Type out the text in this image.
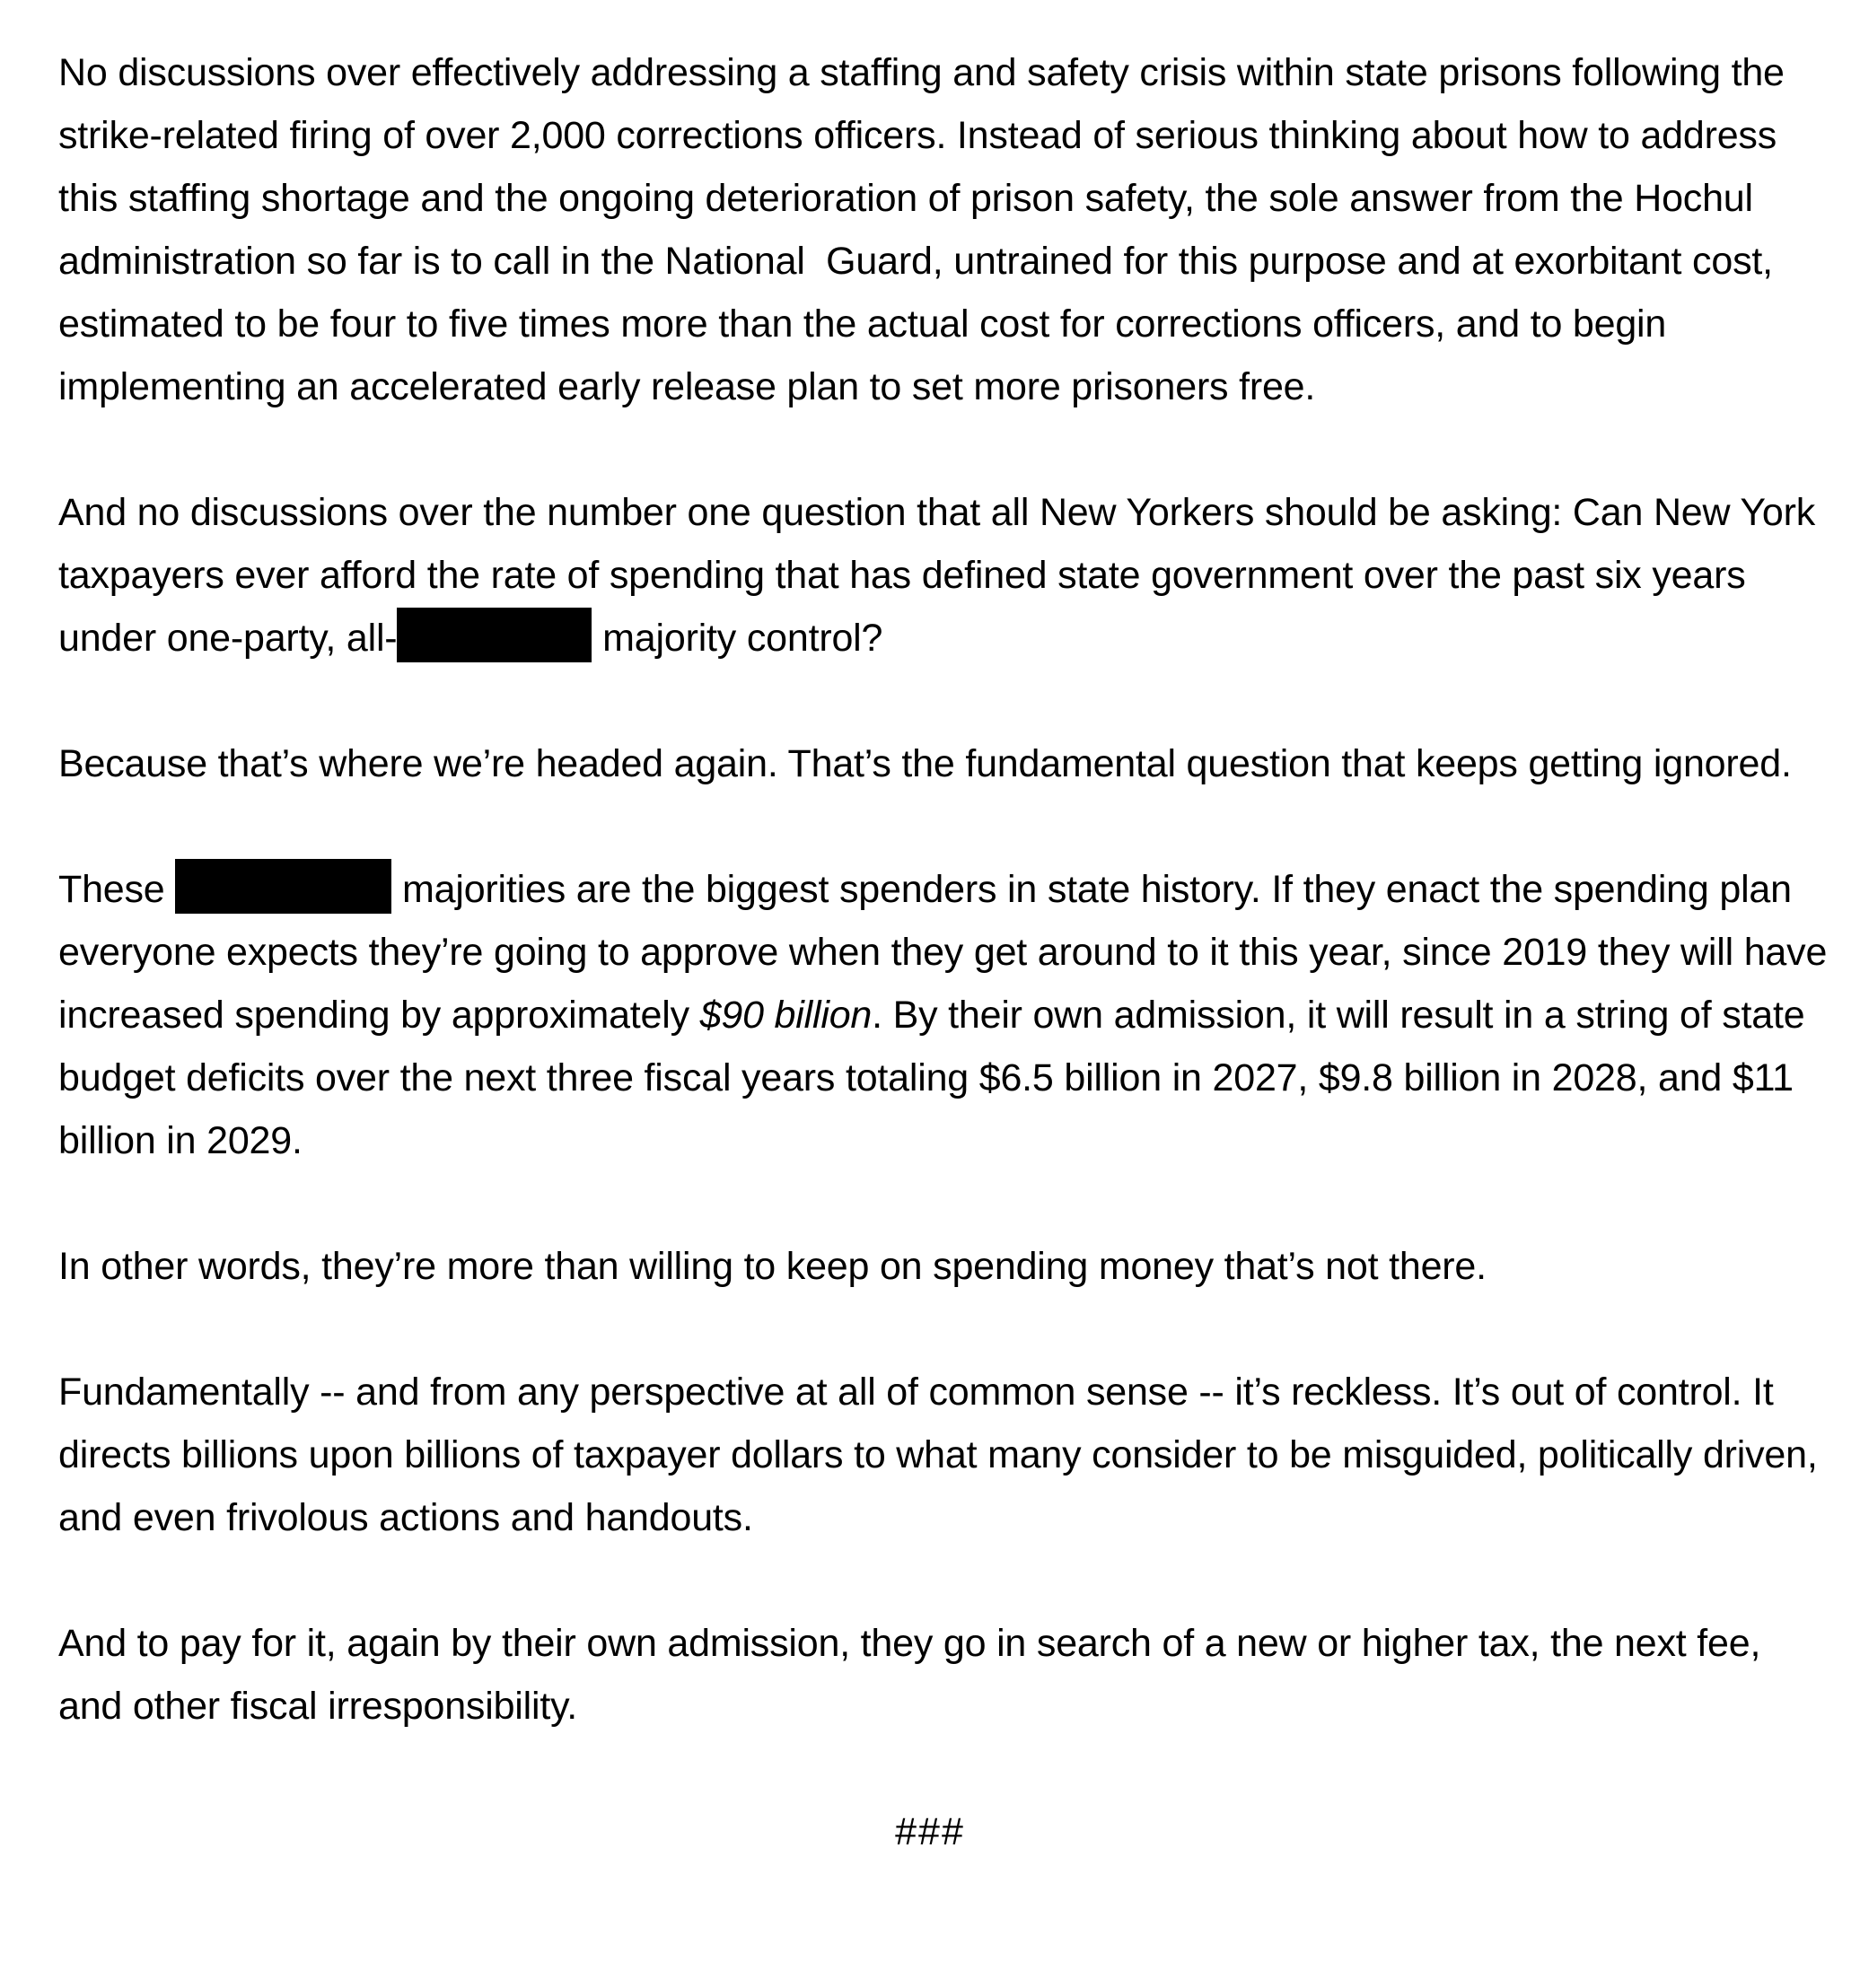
No discussions over effectively addressing a staffing and safety crisis within state prisons following the strike-related firing of over 2,000 corrections officers. Instead of serious thinking about how to address this staffing shortage and the ongoing deterioration of prison safety, the sole answer from the Hochul administration so far is to call in the National  Guard, untrained for this purpose and at exorbitant cost, estimated to be four to five times more than the actual cost for corrections officers, and to begin implementing an accelerated early release plan to set more prisoners free.

And no discussions over the number one question that all New Yorkers should be asking: Can New York taxpayers ever afford the rate of spending that has defined state government over the past six years under one-party, all-	majority control?

Because that’s where we’re headed again. That’s the fundamental question that keeps getting ignored.

These	majorities are the biggest spenders in state history. If they enact the spending plan everyone expects they’re going to approve when they get around to it this year, since 2019 they will have increased spending by approximately $90 billion. By their own admission, it will result in a string of state budget deficits over the next three fiscal years totaling $6.5 billion in 2027, $9.8 billion in 2028, and $11 billion in 2029.

In other words, they’re more than willing to keep on spending money that’s not there.

Fundamentally -- and from any perspective at all of common sense -- it’s reckless. It’s out of control. It directs billions upon billions of taxpayer dollars to what many consider to be misguided, politically driven, and even frivolous actions and handouts.

And to pay for it, again by their own admission, they go in search of a new or higher tax, the next fee, and other fiscal irresponsibility.

###
